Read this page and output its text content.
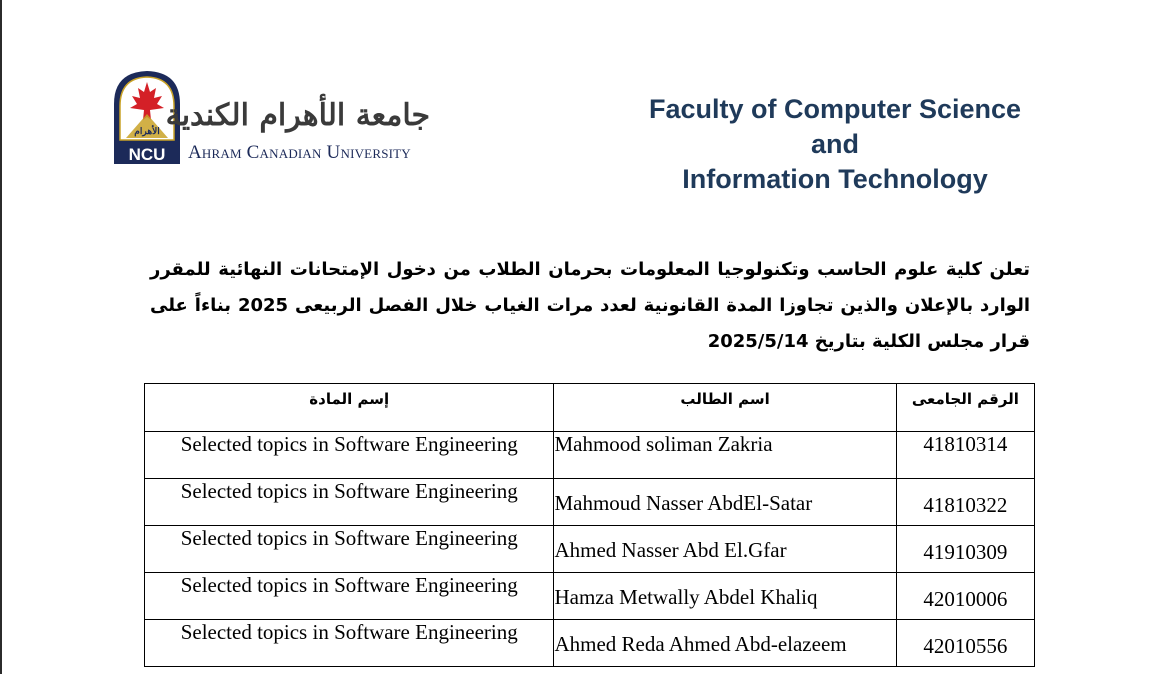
الأهرام
NCU
جامعة الأهرام الكندية
Ahram Canadian University
Faculty of Computer Science
and
Information Technology
تعلن كلية علوم الحاسب وتكنولوجيا المعلومات بحرمان الطلاب من دخول الإمتحانات النهائية للمقرر الوارد بالإعلان والذين تجاوزا المدة القانونية لعدد مرات الغياب خلال الفصل الربيعى 2025 بناءاً على قرار مجلس الكلية بتاريخ 2025/5/14
إسم المادة	اسم الطالب	الرقم الجامعى
Selected topics in Software Engineering	Mahmood soliman Zakria	41810314
Selected topics in Software Engineering	Mahmoud Nasser AbdEl-Satar	41810322
Selected topics in Software Engineering	Ahmed Nasser Abd El.Gfar	41910309
Selected topics in Software Engineering	Hamza Metwally Abdel Khaliq	42010006
Selected topics in Software Engineering	Ahmed Reda Ahmed Abd-elazeem	42010556
